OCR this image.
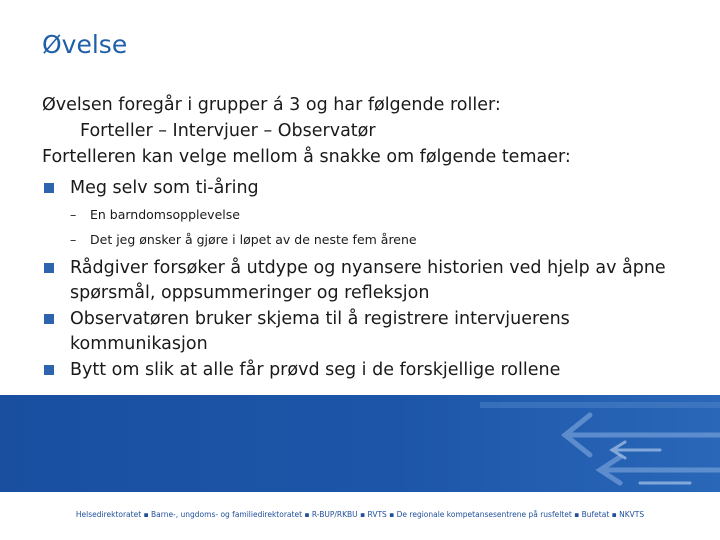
Øvelse
Øvelsen foregår i grupper á 3 og har følgende roller:
Forteller – Intervjuer – Observatør
Fortelleren kan velge mellom å snakke om følgende temaer:
Meg selv som ti-åring
– En barndomsopplevelse
– Det jeg ønsker å gjøre i løpet av de neste fem årene
Rådgiver forsøker å utdype og nyansere historien ved hjelp av åpne spørsmål, oppsummeringer og refleksjon
Observatøren bruker skjema til å registrere intervjuerens kommunikasjon
Bytt om slik at alle får prøvd seg i de forskjellige rollene
Helsedirektoratet ▪ Barne-, ungdoms- og familiedirektoratet ▪ R-BUP/RKBU ▪ RVTS ▪ De regionale kompetansesentrene på rusfeltet ▪ Bufetat ▪ NKVTS
